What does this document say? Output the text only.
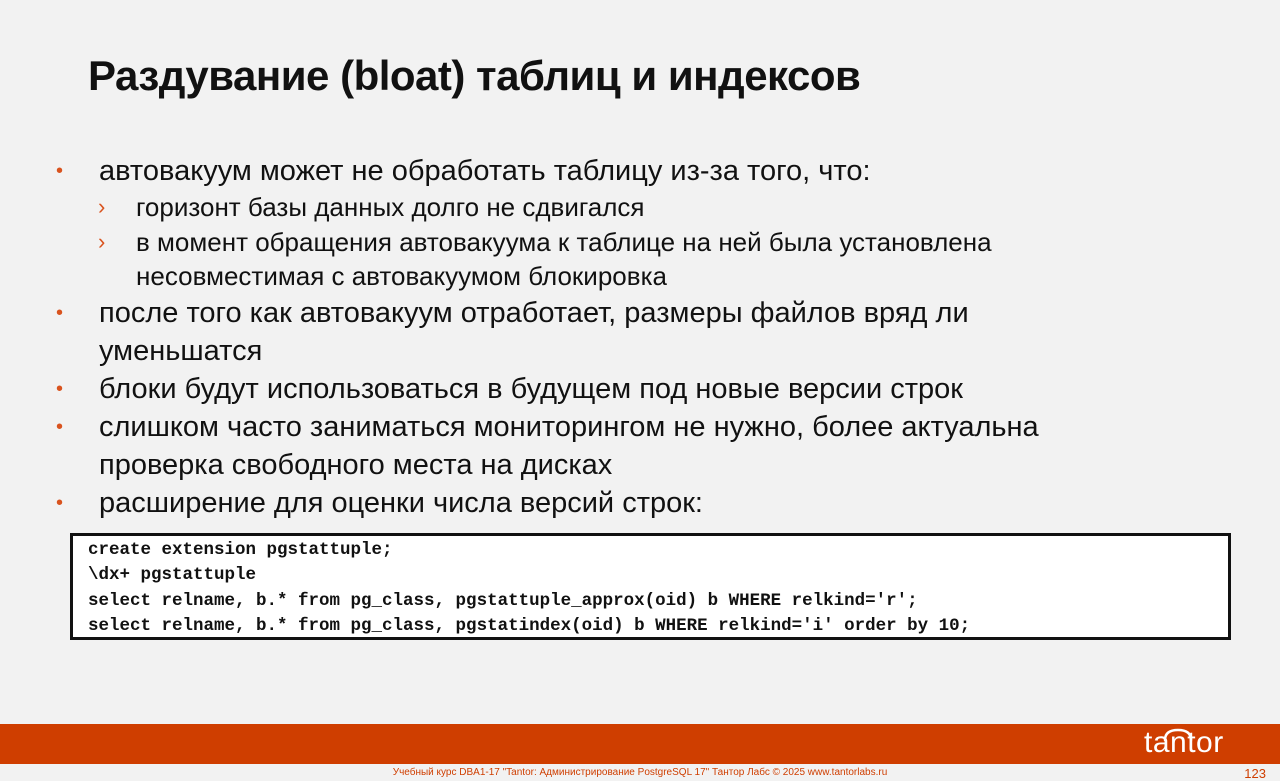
Раздувание (bloat) таблиц и индексов
• автовакуум может не обработать таблицу из-за того, что:
› горизонт базы данных долго не сдвигался
› в момент обращения автовакуума к таблице на ней была установлена
несовместимая с автовакуумом блокировка
• после того как автовакуум отработает, размеры файлов вряд ли
уменьшатся
• блоки будут использоваться в будущем под новые версии строк
• слишком часто заниматься мониторингом не нужно, более актуальна
проверка свободного места на дисках
• расширение для оценки числа версий строк:
create extension pgstattuple;
\dx+ pgstattuple
select relname, b.* from pg_class, pgstattuple_approx(oid) b WHERE relkind='r';
select relname, b.* from pg_class, pgstatindex(oid) b WHERE relkind='i' order by 10;
tantor
Учебный курс DBA1-17 "Tantor: Администрирование PostgreSQL 17" Тантор Лабс © 2025 www.tantorlabs.ru	123
